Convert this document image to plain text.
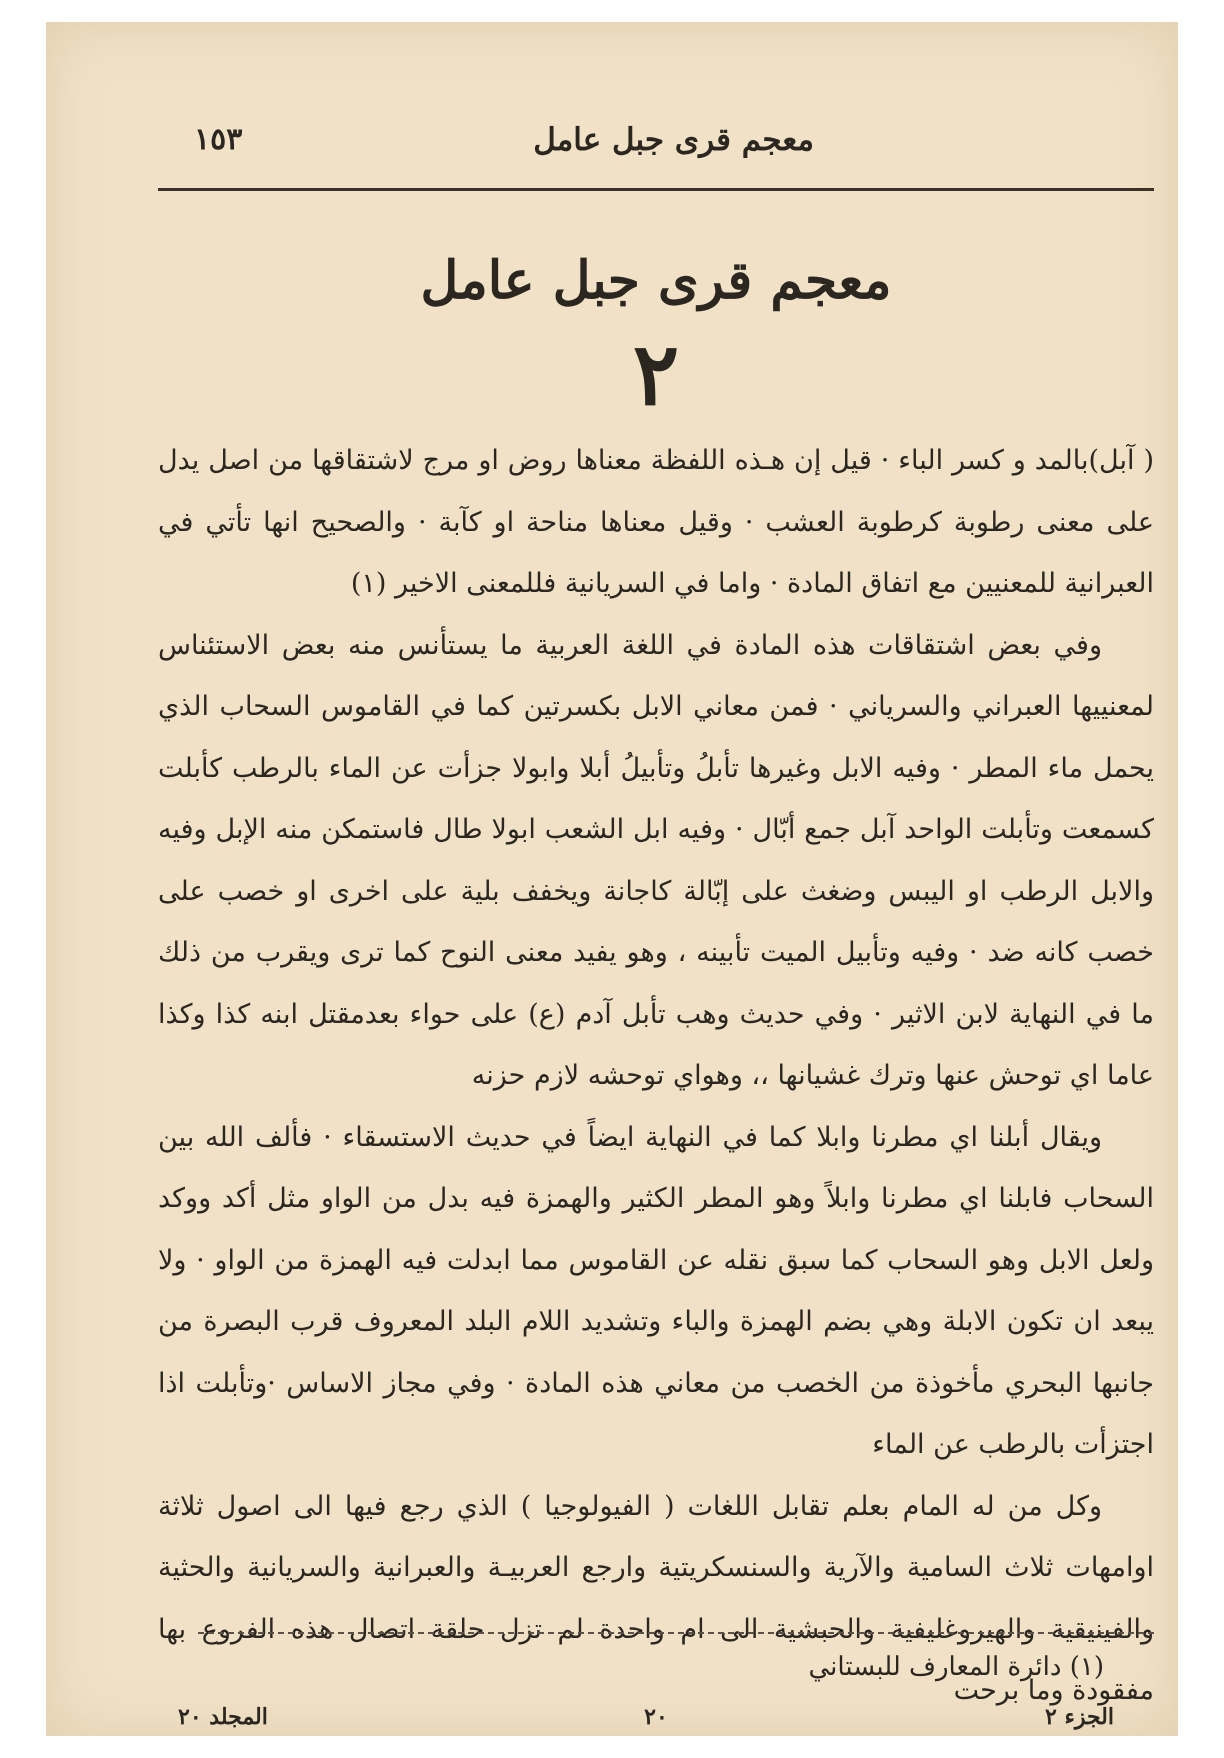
معجم قرى جبل عامل
١٥٣
معجم قرى جبل عامل
٢

( آبل)بالمد و كسر الباء · قيل إن هـذه اللفظة معناها روض او مرج لاشتقاقها من اصل يدل على معنى رطوبة كرطوبة العشب · وقيل معناها مناحة او كآبة · والصحيح انها تأتي في العبرانية للمعنيين مع اتفاق المادة · واما في السريانية فللمعنى الاخير (١)

وفي بعض اشتقاقات هذه المادة في اللغة العربية ما يستأنس منه بعض الاستئناس لمعنييها العبراني والسرياني · فمن معاني الابل بكسرتين كما في القاموس السحاب الذي يحمل ماء المطر · وفيه الابل وغيرها تأبلُ وتأبيلُ أبلا وابولا جزأت عن الماء بالرطب كأبلت كسمعت وتأبلت الواحد آبل جمع أبّال · وفيه ابل الشعب ابولا طال فاستمكن منه الإبل وفيه والابل الرطب او اليبس وضغث على إبّالة كاجانة ويخفف بلية على اخرى او خصب على خصب كانه ضد · وفيه وتأبيل الميت تأبينه ، وهو يفيد معنى النوح كما ترى ويقرب من ذلك ما في النهاية لابن الاثير · وفي حديث وهب تأبل آدم (ع) على حواء بعدمقتل ابنه كذا وكذا عاما اي توحش عنها وترك غشيانها ،، وهواي توحشه لازم حزنه

ويقال أبلنا اي مطرنا وابلا كما في النهاية ايضاً في حديث الاستسقاء · فألف الله بين السحاب فابلنا اي مطرنا وابلاً وهو المطر الكثير والهمزة فيه بدل من الواو مثل أكد ووكد ولعل الابل وهو السحاب كما سبق نقله عن القاموس مما ابدلت فيه الهمزة من الواو · ولا يبعد ان تكون الابلة وهي بضم الهمزة والباء وتشديد اللام البلد المعروف قرب البصرة من جانبها البحري مأخوذة من الخصب من معاني هذه المادة · وفي مجاز الاساس ·وتأبلت اذا اجتزأت بالرطب عن الماء

وكل من له المام بعلم تقابل اللغات ( الفيولوجيا ) الذي رجع فيها الى اصول ثلاثة اوامهات ثلاث السامية والآرية والسنسكريتية وارجع العربيـة والعبرانية والسريانية والحثية والفينيقية والهيروغليفية والحبشية الى ام واحدة لم تزل حلقة اتصال هذه الفروع بها مفقودة وما برحت

(١) دائرة المعارف للبستاني
الجزء ٢
٢٠
المجلد ٢٠
